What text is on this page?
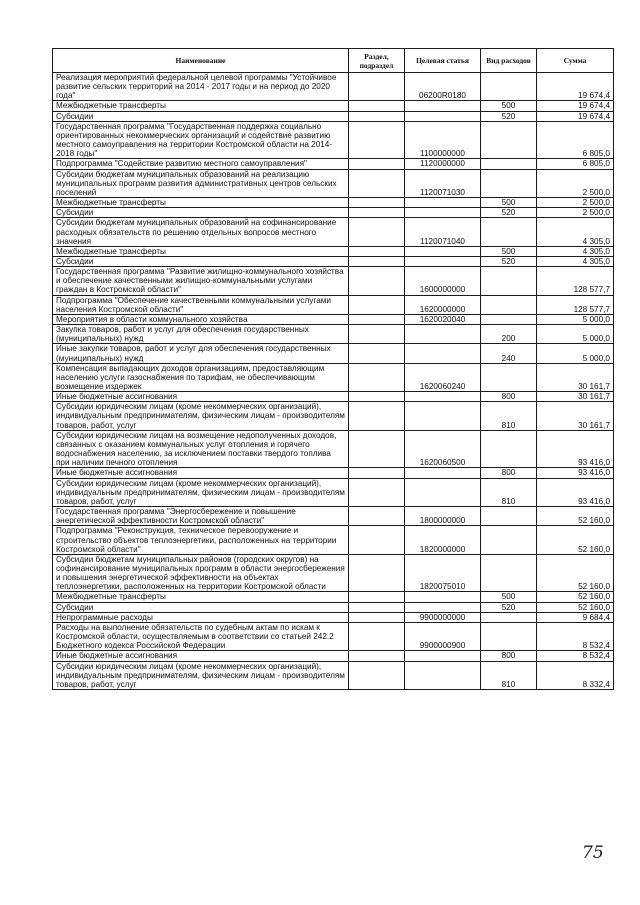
Наименование	Раздел, подраздел	Целевая статья	Вид расходов	Сумма
Реализация мероприятий федеральной целевой программы "Устойчивое развитие сельских территорий на 2014 - 2017 годы и на период до 2020 года"		06200R0180		19 674,4
Межбюджетные трансферты			500	19 674,4
Субсидии			520	19 674,4
Государственная программа "Государственная поддержка социально ориентированных некоммерческих организаций и содействие развитию местного самоуправления на территории Костромской области на 2014-2018 годы"		1100000000		6 805,0
Подпрограмма "Содействие развитию местного самоуправления"		1120000000		6 805,0
Субсидии бюджетам муниципальных образований на реализацию муниципальных программ развития административных центров сельских поселений		1120071030		2 500,0
Межбюджетные трансферты			500	2 500,0
Субсидии			520	2 500,0
Субсидии бюджетам муниципальных образований на софинансирование расходных обязательств по решению отдельных вопросов местного значения		1120071040		4 305,0
Межбюджетные трансферты			500	4 305,0
Субсидии			520	4 305,0
Государственная программа "Развитие жилищно-коммунального хозяйства и обеспечение качественными жилищно-коммунальными услугами граждан в Костромской области"		1600000000		128 577,7
Подпрограмма "Обеспечение качественными коммунальными услугами населения Костромской области"		1620000000		128 577,7
Мероприятия в области коммунального хозяйства		1620020040		5 000,0
Закупка товаров, работ и услуг для обеспечения государственных (муниципальных) нужд			200	5 000,0
Иные закупки товаров, работ и услуг для обеспечения государственных (муниципальных) нужд			240	5 000,0
Компенсация выпадающих доходов организациям, предоставляющим населению услуги газоснабжения по тарифам, не обеспечивающим возмещение издержек		1620060240		30 161,7
Иные бюджетные ассигнования			800	30 161,7
Субсидии юридическим лицам (кроме некоммерческих организаций), индивидуальным предпринимателям, физическим лицам - производителям товаров, работ, услуг			810	30 161,7
Субсидии юридическим лицам на возмещение недополученных доходов, связанных с оказанием коммунальных услуг отопления и горячего водоснабжения населению, за исключением поставки твердого топлива при наличии печного отопления		1620060500		93 416,0
Иные бюджетные ассигнования			800	93 416,0
Субсидии юридическим лицам (кроме некоммерческих организаций), индивидуальным предпринимателям, физическим лицам - производителям товаров, работ, услуг			810	93 416,0
Государственная программа "Энергосбережение и повышение энергетической эффективности Костромской области"		1800000000		52 160,0
Подпрограмма "Реконструкция, техническое перевооружение и строительство объектов теплоэнергетики, расположенных на территории Костромской области"		1820000000		52 160,0
Субсидии бюджетам муниципальных районов (городских округов) на софинансирование муниципальных программ в области энергосбережения и повышения энергетической эффективности на объектах теплоэнергетики, расположенных на территории Костромской области		1820075010		52 160,0
Межбюджетные трансферты			500	52 160,0
Субсидии			520	52 160,0
Непрограммные расходы		9900000000		9 684,4
Расходы на выполнение обязательств по судебным актам по искам к Костромской области, осуществляемым в соответствии со статьей 242.2 Бюджетного кодекса Российской Федерации		9900000900		8 532,4
Иные бюджетные ассигнования			800	8 532,4
Субсидии юридическим лицам (кроме некоммерческих организаций), индивидуальным предпринимателям, физическим лицам - производителям товаров, работ, услуг			810	8 332,4
75
